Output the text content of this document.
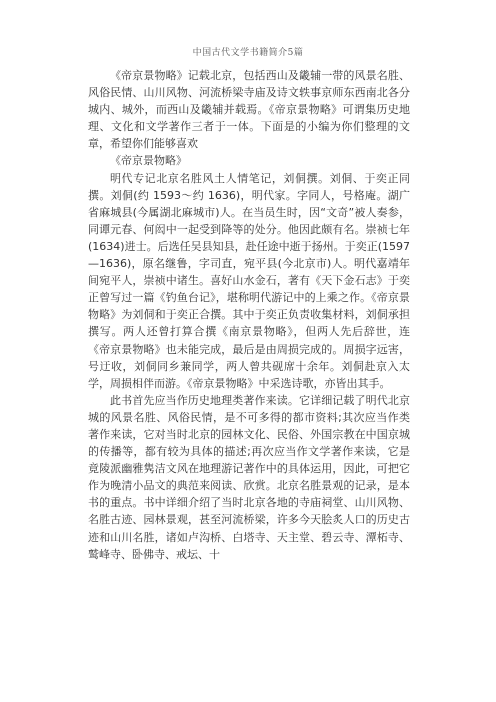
中国古代文学书籍简介5篇

《帝京景物略》记载北京，包括西山及畿辅一带的风景名胜、风俗民情、山川风物、河流桥梁寺庙及诗文轶事京师东西南北各分城内、城外，而西山及畿辅并载焉。《帝京景物略》可谓集历史地理、文化和文学著作三者于一体。下面是的小编为你们整理的文章，希望你们能够喜欢

《帝京景物略》

明代专记北京名胜风土人情笔记，刘侗撰。刘侗、于奕正同撰。刘侗(约 1593～约 1636)，明代家。字同人，号格庵。湖广省麻城县(今属湖北麻城市)人。在当员生时，因“文奇”被人奏参，同谭元春、何闳中一起受到降等的处分。他因此颇有名。崇祯七年(1634)进士。后选任吴县知县，赴任途中逝于扬州。于奕正(1597—1636)，原名继鲁，字司直，宛平县(今北京市)人。明代嘉靖年间宛平人，崇祯中诸生。喜好山水金石，著有《天下金石志》于奕正曾写过一篇《钓鱼台记》，堪称明代游记中的上乘之作。《帝京景物略》为刘侗和于奕正合撰。其中于奕正负责收集材料，刘侗承担撰写。两人还曾打算合撰《南京景物略》，但两人先后辞世，连《帝京景物略》也未能完成，最后是由周损完成的。周损字远害，号迂收，刘侗同乡兼同学，两人曾共砚席十余年。刘侗赴京入太学，周损相伴而游。《帝京景物略》中采选诗歌，亦皆出其手。

此书首先应当作历史地理类著作来读。它详细记载了明代北京城的风景名胜、风俗民情，是不可多得的都市资料;其次应当作类著作来读，它对当时北京的园林文化、民俗、外国宗教在中国京城的传播等，都有较为具体的描述;再次应当作文学著作来读，它是竟陵派幽雅隽洁文风在地理游记著作中的具体运用，因此，可把它作为晚清小品文的典范来阅读、欣赏。北京名胜景观的记录，是本书的重点。书中详细介绍了当时北京各地的寺庙祠堂、山川风物、名胜古迹、园林景观，甚至河流桥梁，许多今天脍炙人口的历史古迹和山川名胜，诸如卢沟桥、白塔寺、天主堂、碧云寺、潭柘寺、鹫峰寺、卧佛寺、戒坛、十
